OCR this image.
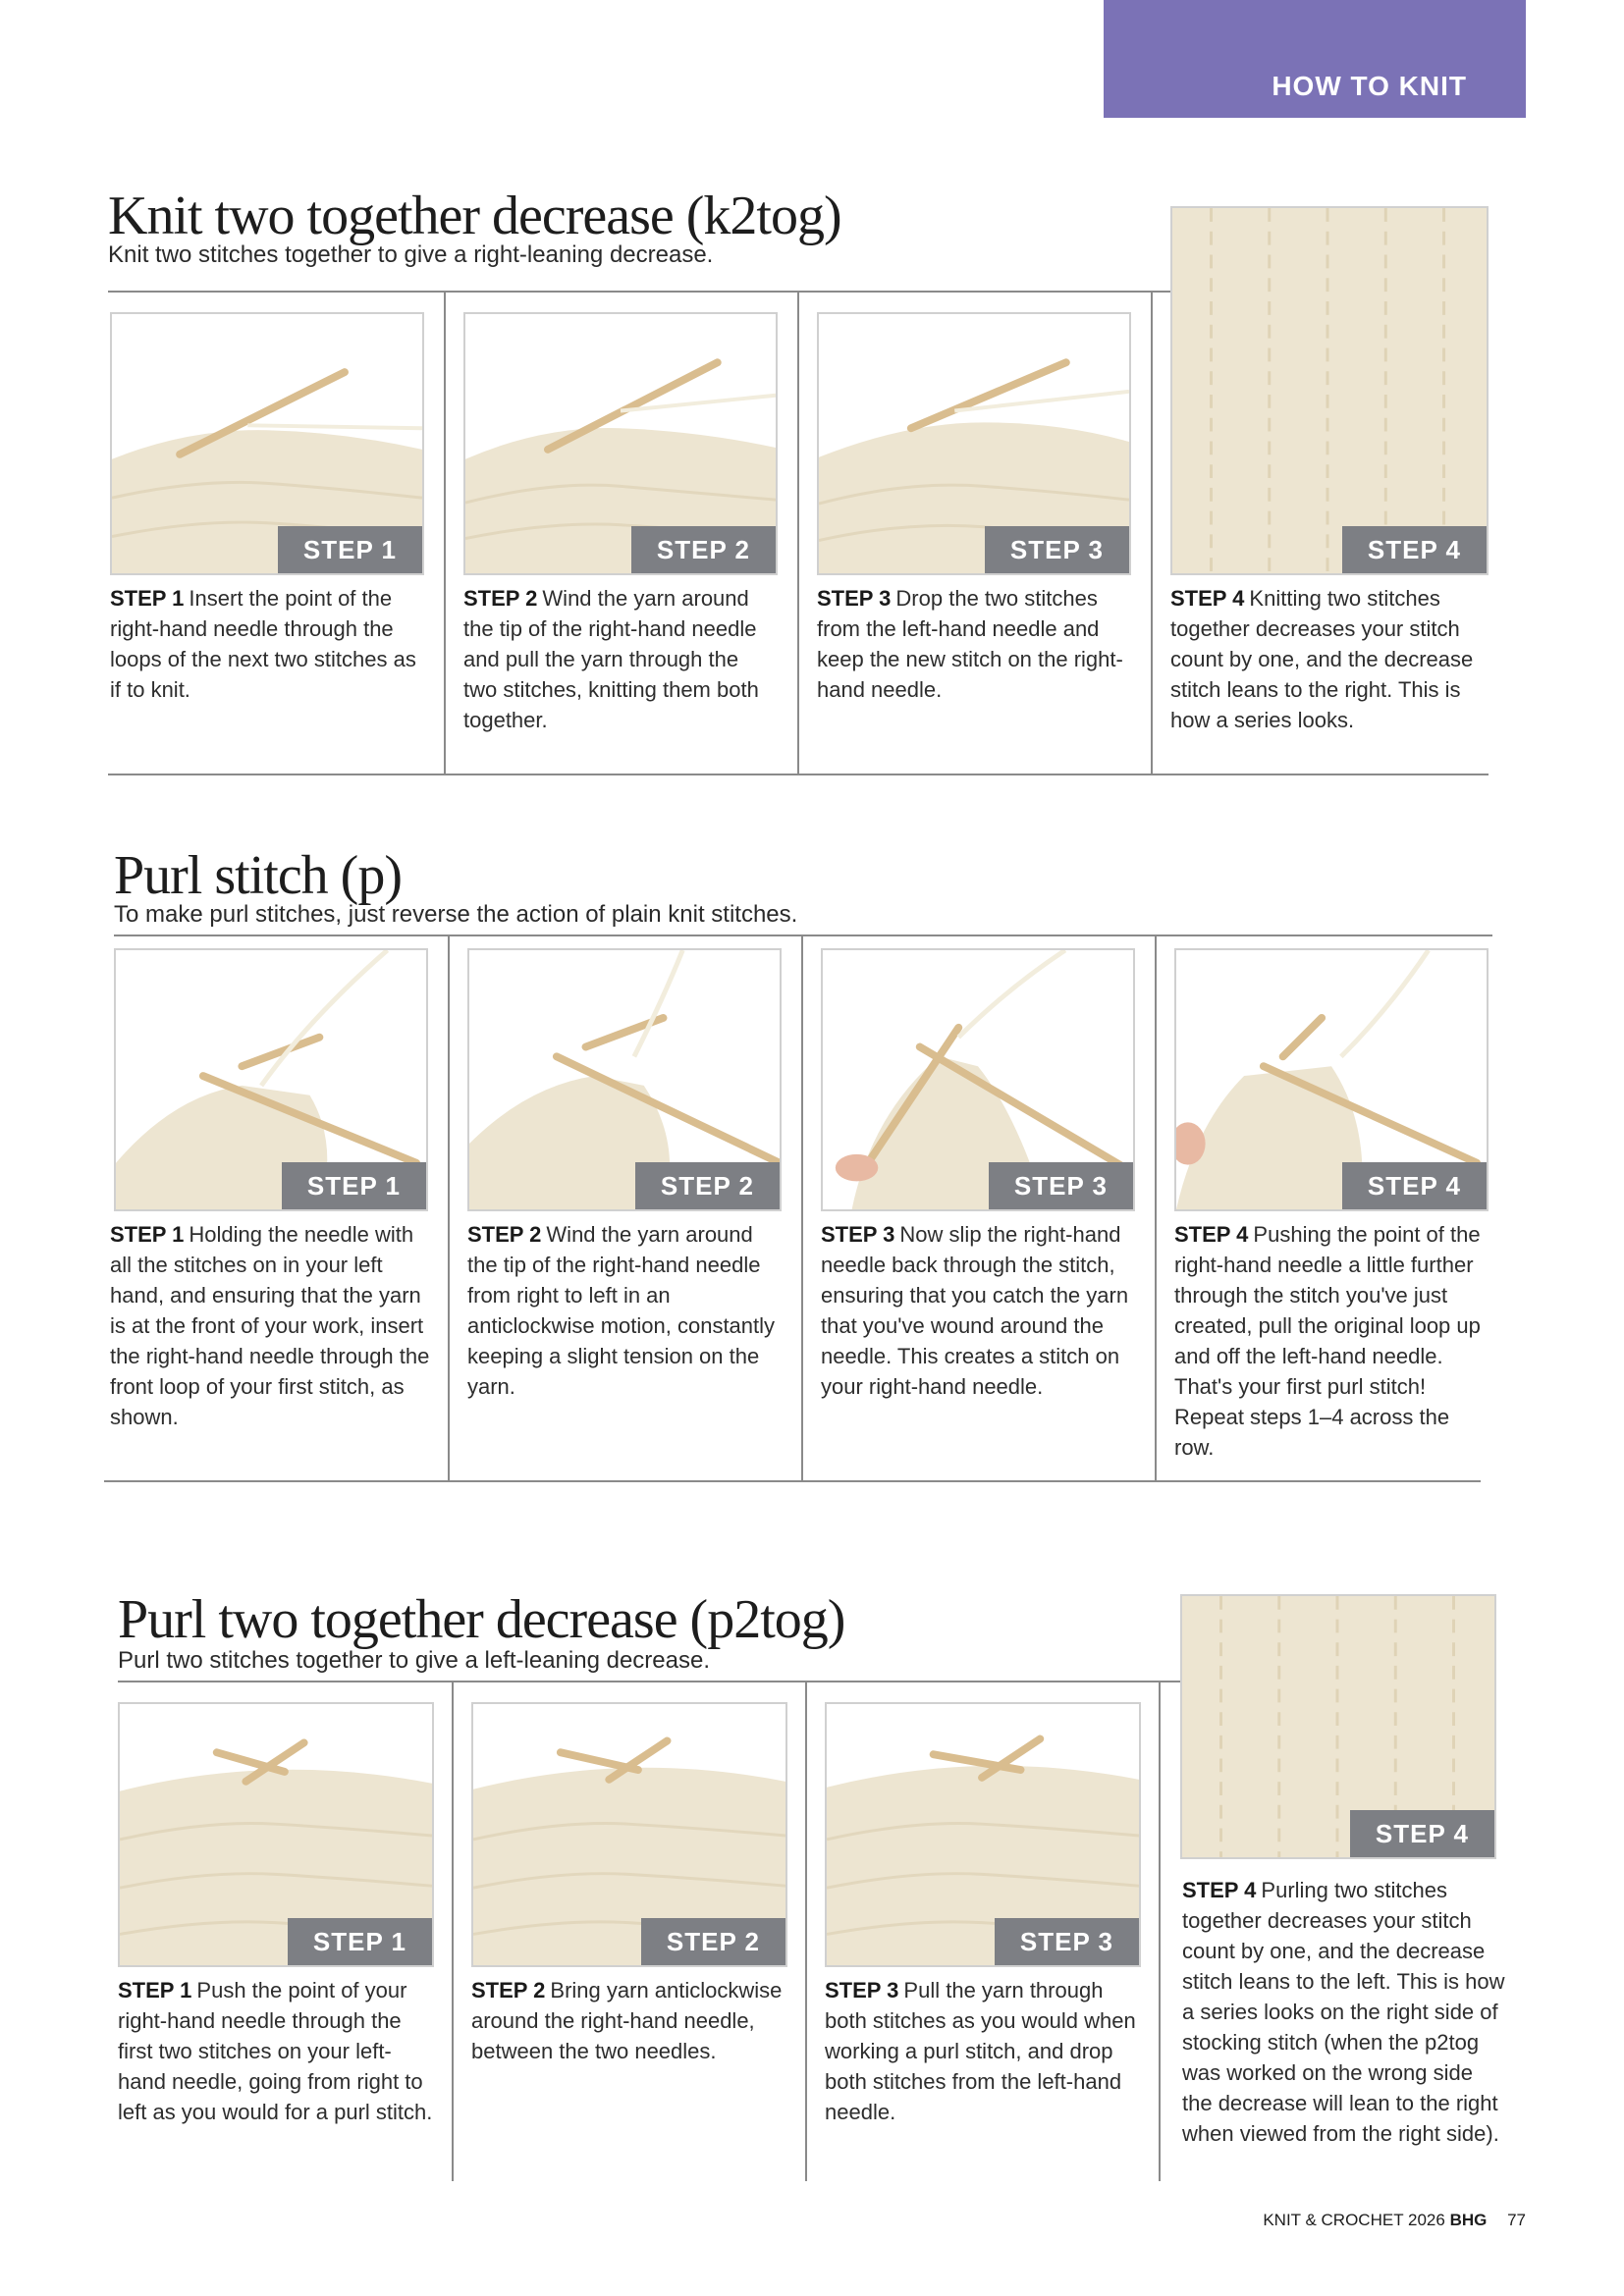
HOW TO KNIT
Knit two together decrease (k2tog)

Knit two stitches together to give a right-leaning decrease.

STEP 1	STEP 2	STEP 3	STEP 4

STEP 1 Insert the point of the right-hand needle through the loops of the next two stitches as if to knit.

STEP 2 Wind the yarn around the tip of the right-hand needle and pull the yarn through the two stitches, knitting them both together.

STEP 3 Drop the two stitches from the left-hand needle and keep the new stitch on the right-hand needle.

STEP 4 Knitting two stitches together decreases your stitch count by one, and the decrease stitch leans to the right. This is how a series looks.

Purl stitch (p)

To make purl stitches, just reverse the action of plain knit stitches.

STEP 1	STEP 2	STEP 3	STEP 4

STEP 1 Holding the needle with all the stitches on in your left hand, and ensuring that the yarn is at the front of your work, insert the right-hand needle through the front loop of your first stitch, as shown.

STEP 2 Wind the yarn around the tip of the right-hand needle from right to left in an anticlockwise motion, constantly keeping a slight tension on the yarn.

STEP 3 Now slip the right-hand needle back through the stitch, ensuring that you catch the yarn that you've wound around the needle. This creates a stitch on your right-hand needle.

STEP 4 Pushing the point of the right-hand needle a little further through the stitch you've just created, pull the original loop up and off the left-hand needle. That's your first purl stitch! Repeat steps 1–4 across the row.

Purl two together decrease (p2tog)

Purl two stitches together to give a left-leaning decrease.

STEP 1	STEP 2	STEP 3
STEP 4

STEP 1 Push the point of your right-hand needle through the first two stitches on your left-hand needle, going from right to left as you would for a purl stitch.

STEP 2 Bring yarn anticlockwise around the right-hand needle, between the two needles.

STEP 3 Pull the yarn through both stitches as you would when working a purl stitch, and drop both stitches from the left-hand needle.

STEP 4 Purling two stitches together decreases your stitch count by one, and the decrease stitch leans to the left. This is how a series looks on the right side of stocking stitch (when the p2tog was worked on the wrong side the decrease will lean to the right when viewed from the right side).

KNIT & CROCHET 2026 BHG 77
